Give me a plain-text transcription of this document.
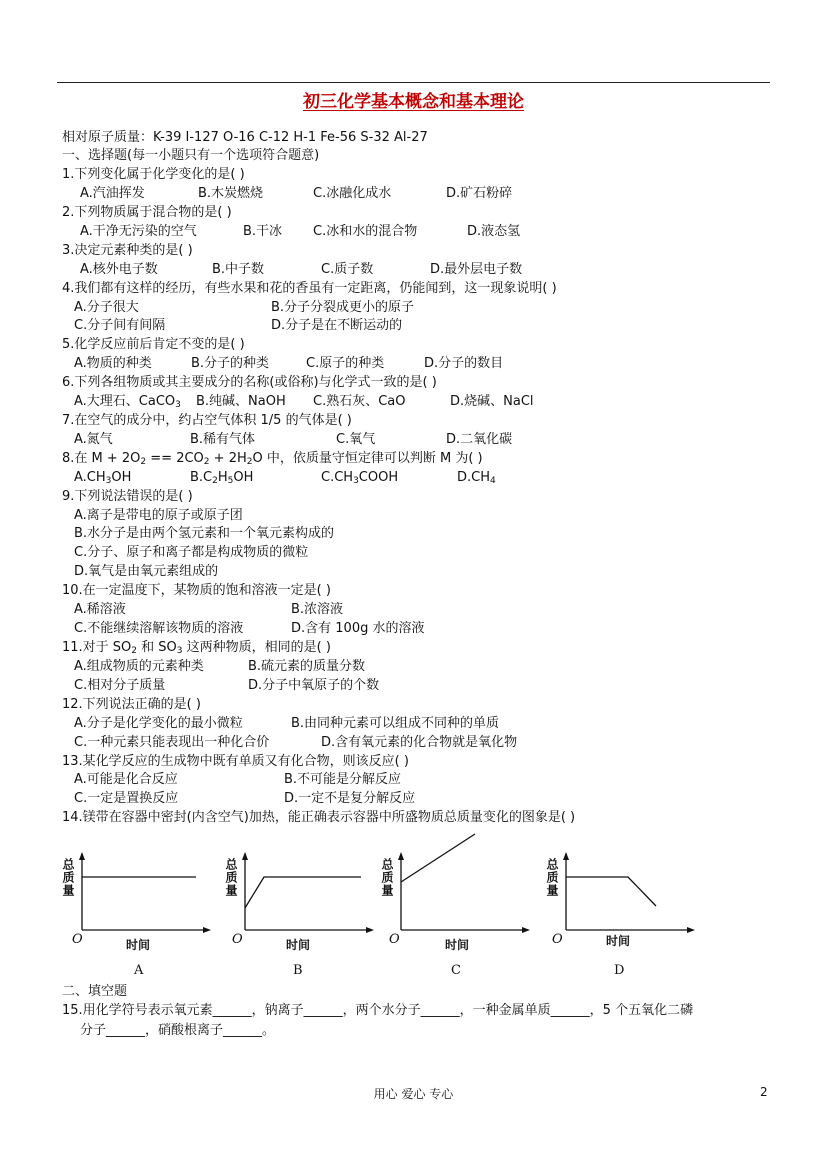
初三化学基本概念和基本理论
相对原子质量：K-39 I-127 O-16 C-12 H-1 Fe-56 S-32 Al-27
一、选择题(每一小题只有一个选项符合题意)
1.下列变化属于化学变化的是( )
A.汽油挥发	B.木炭燃烧	C.冰融化成水	D.矿石粉碎
2.下列物质属于混合物的是( )
A.干净无污染的空气	B.干冰 C.冰和水的混合物	D.液态氢
3.决定元素种类的是( )
A.核外电子数	B.中子数	C.质子数	D.最外层电子数
4.我们都有这样的经历，有些水果和花的香虽有一定距离，仍能闻到，这一现象说明( )
A.分子很大	B.分子分裂成更小的原子
C.分子间有间隔	D.分子是在不断运动的
5.化学反应前后肯定不变的是( )
A.物质的种类	B.分子的种类	C.原子的种类	D.分子的数目
6.下列各组物质或其主要成分的名称(或俗称)与化学式一致的是( )
A.大理石、CaCO$_3$ B.纯碱、NaOH C.熟石灰、CaO	D.烧碱、NaCl
7.在空气的成分中，约占空气体积 1/5 的气体是( )
A.氮气	B.稀有气体	C.氧气	D.二氧化碳
8.在 $M + 2O_2 == 2CO_2 + 2H_2O$ 中，依质量守恒定律可以判断 M 为( )
$A.CH_3OH$	$B.C_2H_5OH$	$C.CH_3COOH$	$D.CH_4$
9.下列说法错误的是( )
A.离子是带电的原子或原子团
B.水分子是由两个氢元素和一个氧元素构成的
C.分子、原子和离子都是构成物质的微粒
D.氧气是由氧元素组成的
10.在一定温度下，某物质的饱和溶液一定是( )
A.稀溶液	B.浓溶液
C.不能继续溶解该物质的溶液	D.含有 100g 水的溶液
11.对于 $SO_2$ 和 $SO_3$ 这两种物质，相同的是( )
A.组成物质的元素种类	B.硫元素的质量分数
C.相对分子质量	D.分子中氧原子的个数
12.下列说法正确的是( )
A.分子是化学变化的最小微粒	B.由同种元素可以组成不同种的单质
C.一种元素只能表现出一种化合价	D.含有氧元素的化合物就是氧化物
13.某化学反应的生成物中既有单质又有化合物，则该反应( )
A.可能是化合反应	B.不可能是分解反应
C.一定是置换反应	D.一定不是复分解反应
14.镁带在容器中密封(内含空气)加热，能正确表示容器中所盛物质总质量变化的图象是( )
总质量
O	时间
A
总质量
O	时间
B
总质量
O	时间
C
总质量
O	时间
D
二、填空题
15.用化学符号表示氧元素______，钠离子______，两个水分子______，一种金属单质______，5 个五氧化二磷
分子______，硝酸根离子______。
用心 爱心 专心	2
